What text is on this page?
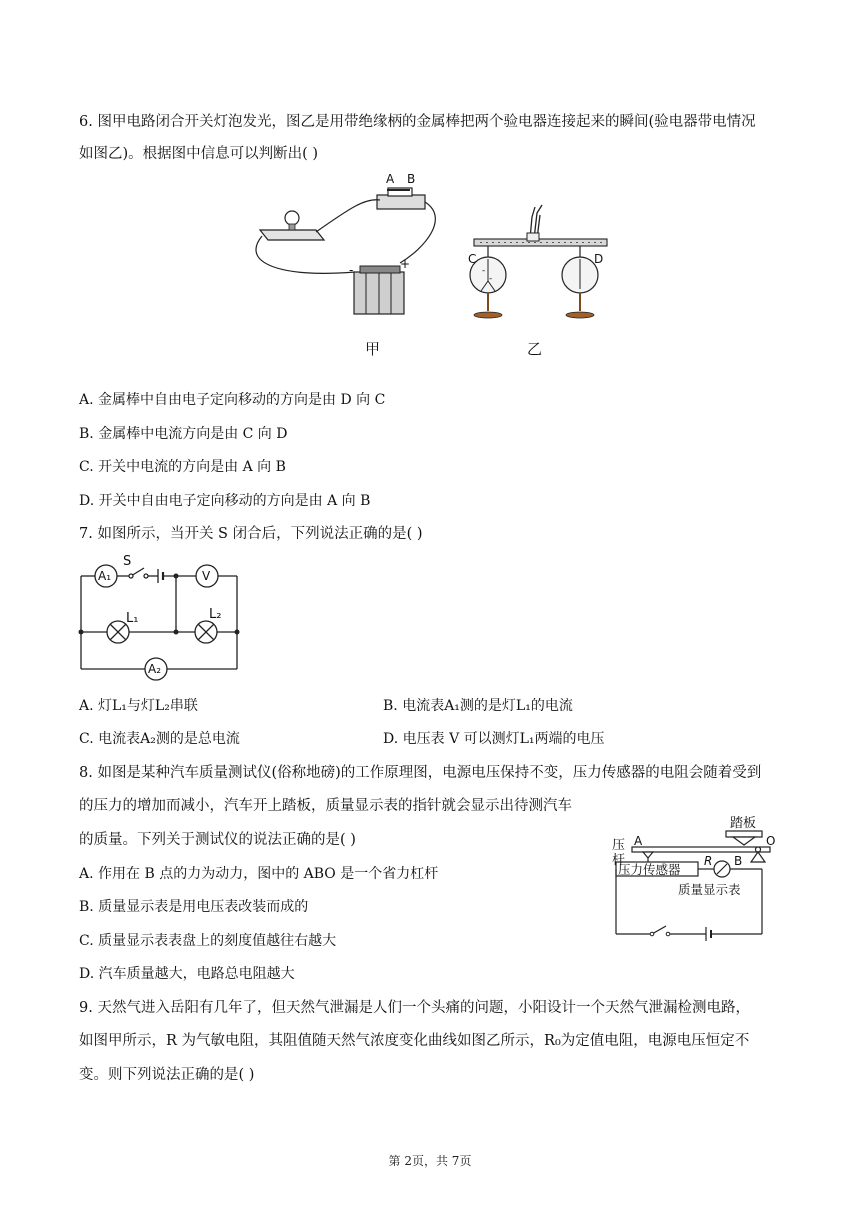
6. 图甲电路闭合开关灯泡发光，图乙是用带绝缘柄的金属棒把两个验电器连接起来的瞬间(验电器带电情况
如图乙)。根据图中信息可以判断出( )
A B
-	+	-
-
C	D
甲	乙
A. 金属棒中自由电子定向移动的方向是由 D 向 C
B. 金属棒中电流方向是由 C 向 D
C. 开关中电流的方向是由 A 向 B
D. 开关中自由电子定向移动的方向是由 A 向 B
7. 如图所示，当开关 S 闭合后，下列说法正确的是( )
A₁
S
V
L₁	L₂
A₂
A. 灯L₁与灯L₂串联	B. 电流表A₁测的是灯L₁的电流
C. 电流表A₂测的是总电流	D. 电压表 V 可以测灯L₁两端的电压
8. 如图是某种汽车质量测试仪(俗称地磅)的工作原理图，电源电压保持不变，压力传感器的电阻会随着受到
的压力的增加而减小，汽车开上踏板，质量显示表的指针就会显示出待测汽车
的质量。下列关于测试仪的说法正确的是( )
踏板
压
杆
A	O
B
压力传感器
R
质量显示表
A. 作用在 B 点的力为动力，图中的 ABO 是一个省力杠杆
B. 质量显示表是用电压表改装而成的
C. 质量显示表表盘上的刻度值越往右越大
D. 汽车质量越大，电路总电阻越大
9. 天然气进入岳阳有几年了，但天然气泄漏是人们一个头痛的问题，小阳设计一个天然气泄漏检测电路，
如图甲所示，R 为气敏电阻，其阻值随天然气浓度变化曲线如图乙所示，R₀为定值电阻，电源电压恒定不
变。则下列说法正确的是( )
第 2页，共 7页
